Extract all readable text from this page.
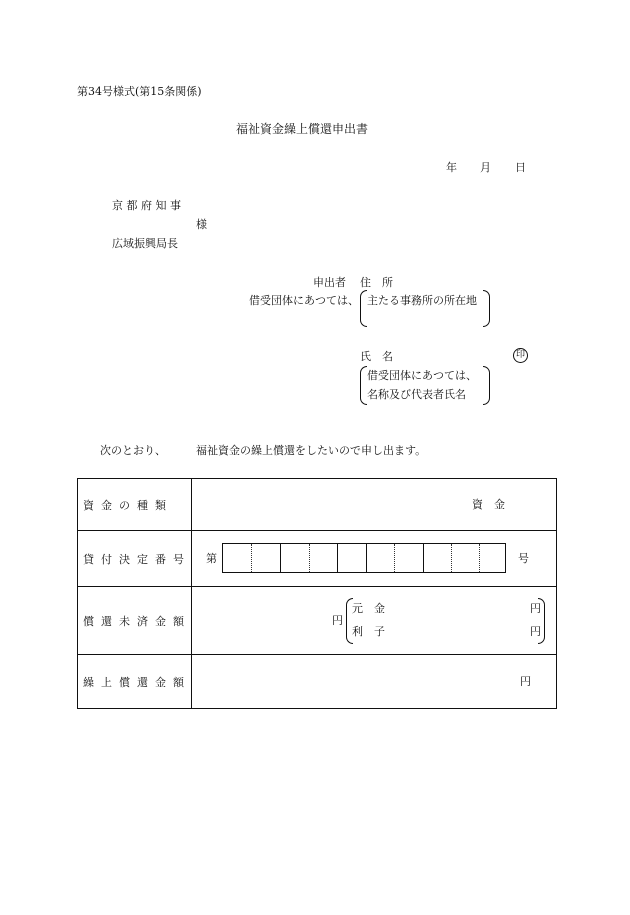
第34号様式(第15条関係)
福祉資金繰上償還申出書
年 月 日
京 都 府 知 事
様
広域振興局長
申出者 住　所
借受団体にあつては、 主たる事務所の所在地
氏　名	印
借受団体にあつては、
名称及び代表者氏名
次のとおり、	福祉資金の繰上償還をしたいので申し出ます。
資金の種類	資　金

貸付決定番号	第 号

償還未済金額	円
元　金 円
利　子 円

繰上償還金額	円
